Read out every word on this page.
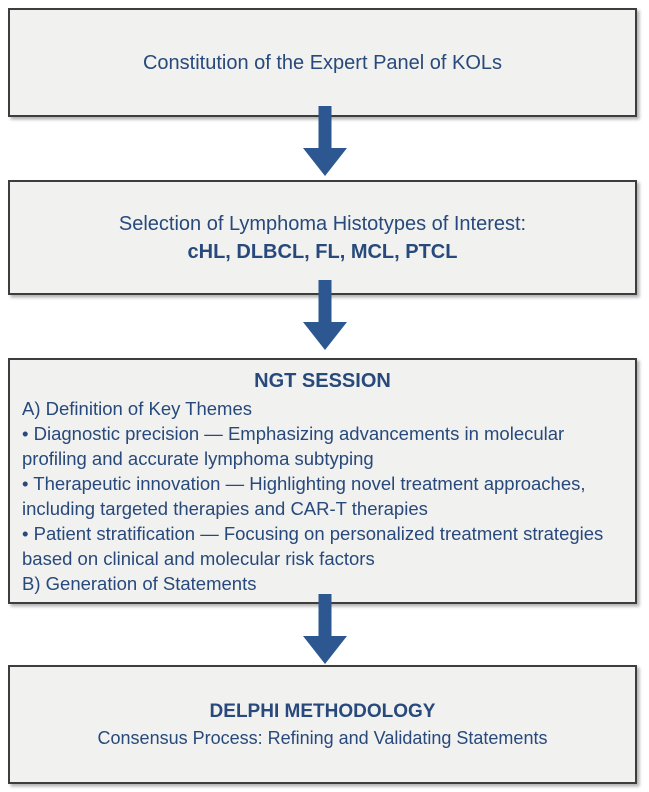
Constitution of the Expert Panel of KOLs
Selection of Lymphoma Histotypes of Interest:
cHL, DLBCL, FL, MCL, PTCL
NGT SESSION

A) Definition of Key Themes

• Diagnostic precision — Emphasizing advancements in molecular profiling and accurate lymphoma subtyping

• Therapeutic innovation — Highlighting novel treatment approaches, including targeted therapies and CAR-T therapies

• Patient stratification — Focusing on personalized treatment strategies based on clinical and molecular risk factors

B) Generation of Statements

DELPHI METHODOLOGY
Consensus Process: Refining and Validating Statements
